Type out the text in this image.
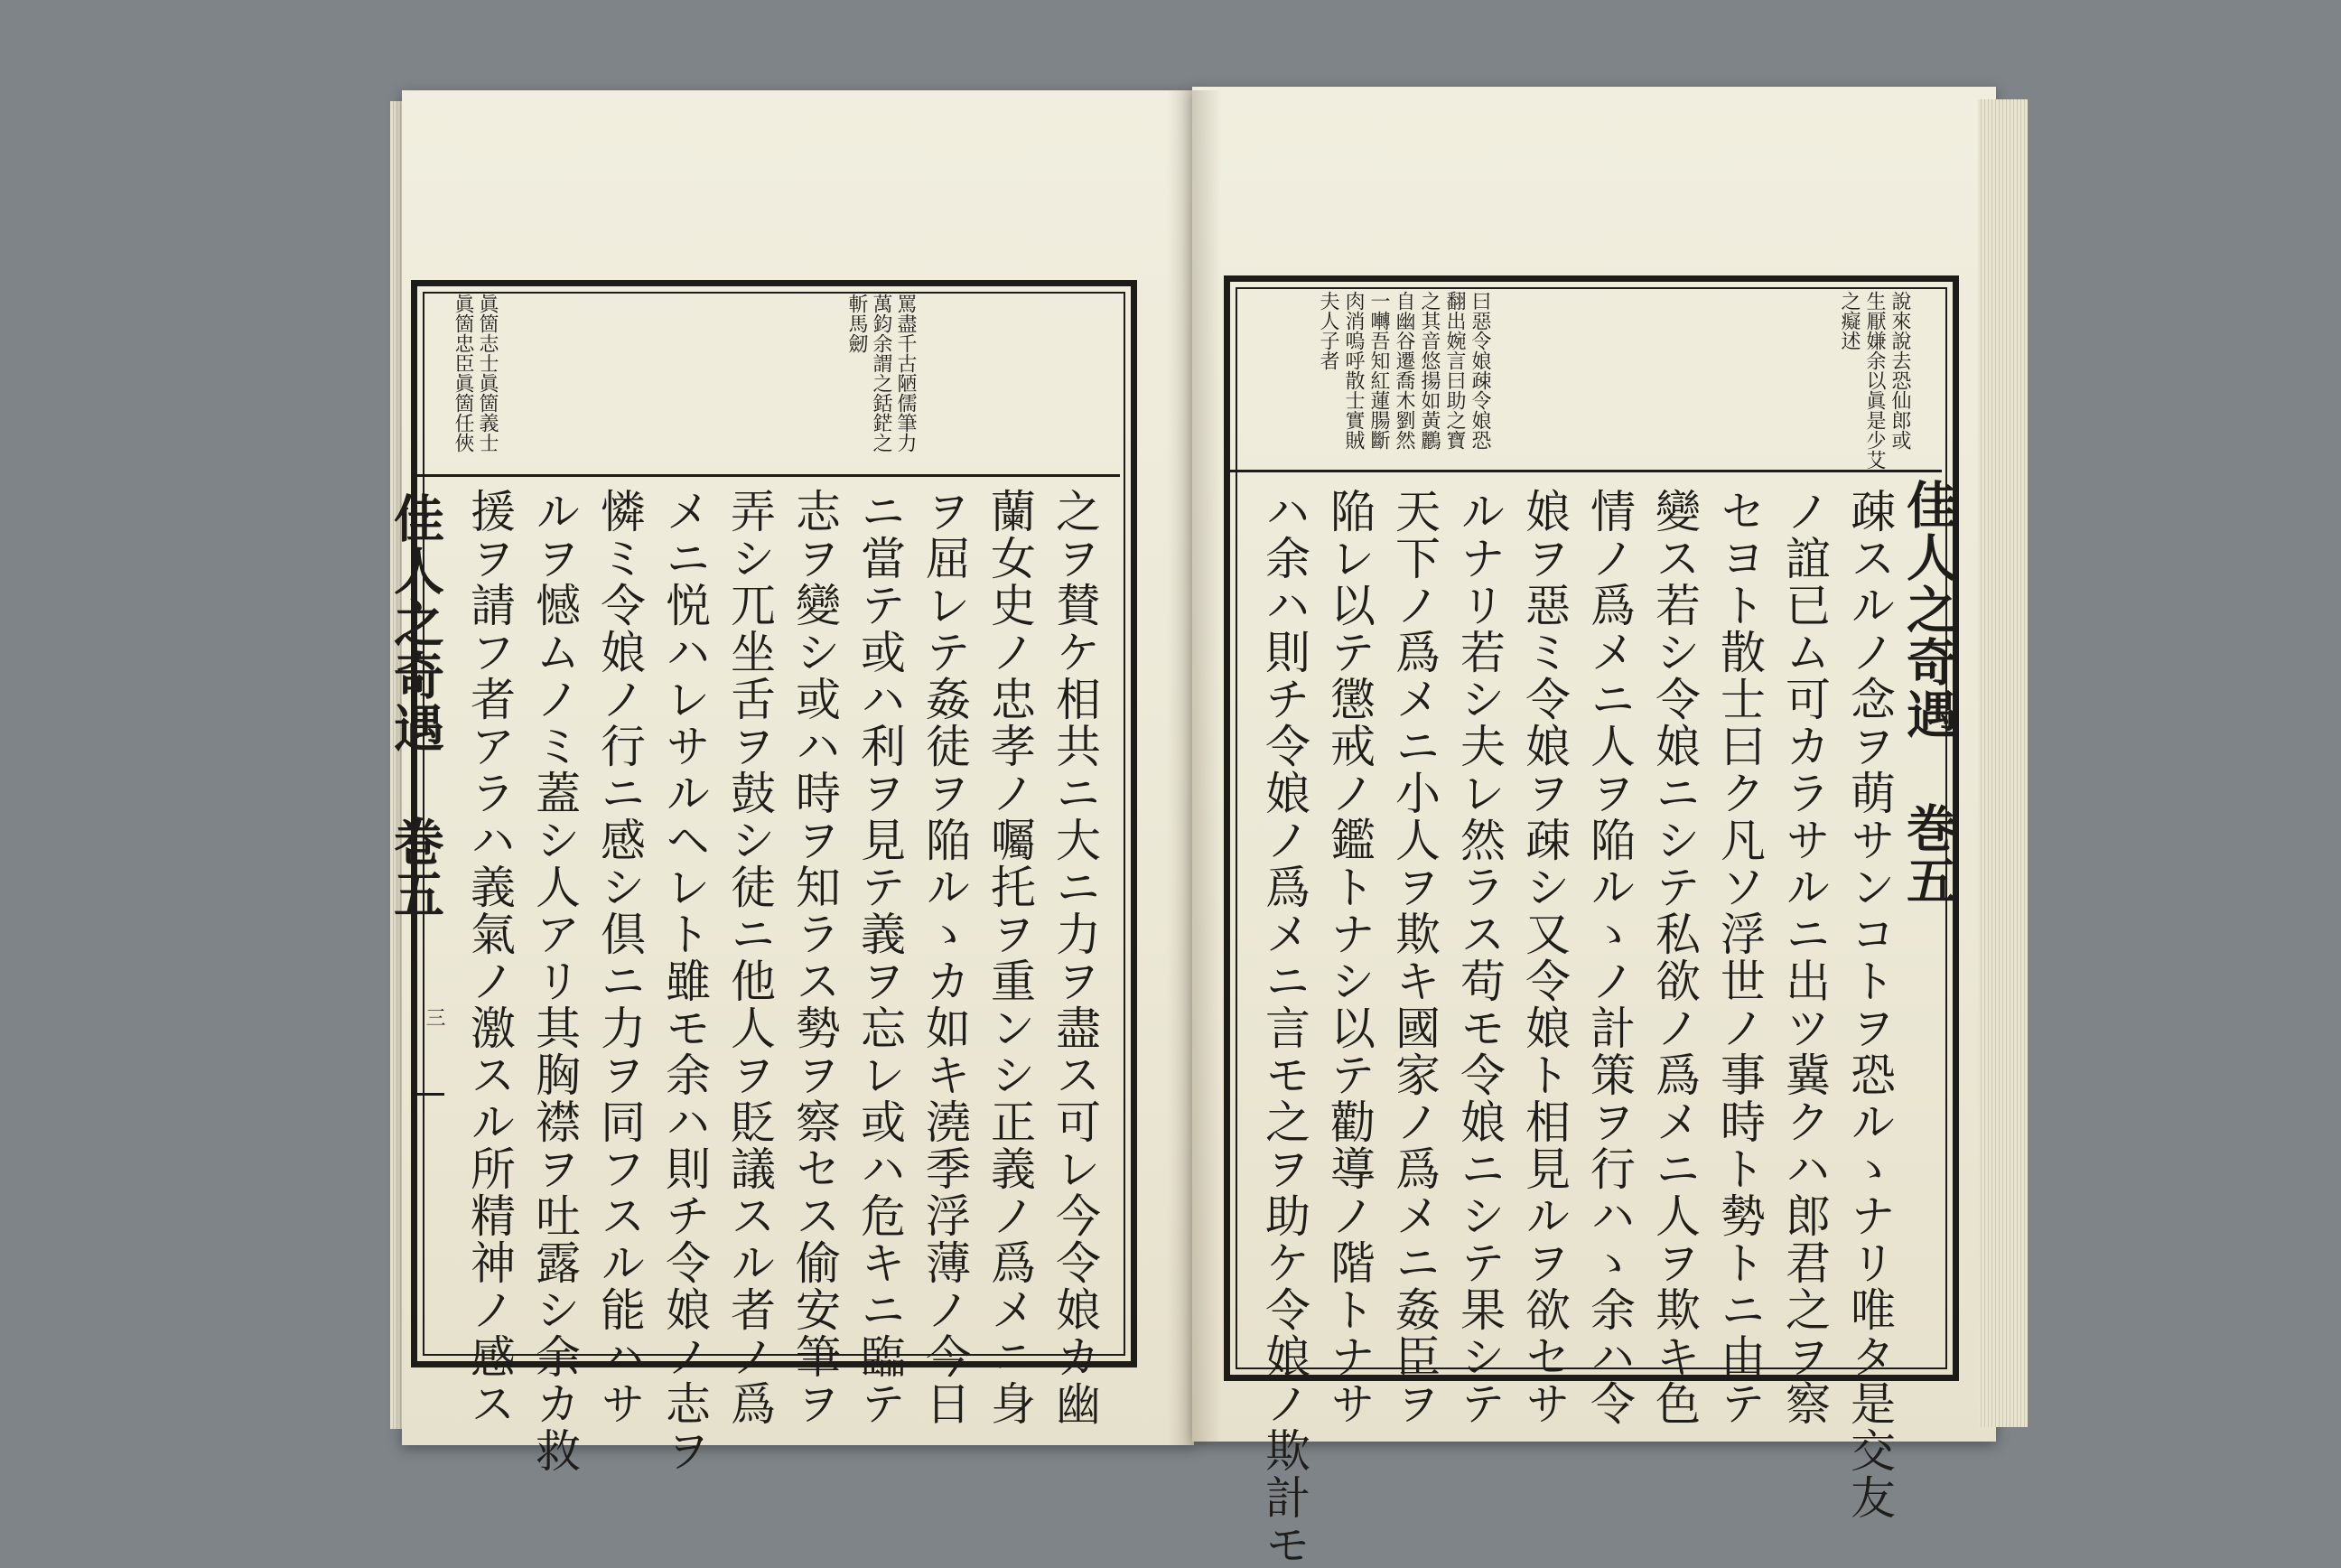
佳人之奇遇 巻五
三
斬馬劒 萬鈞余謂之銛鋩之 罵盡千古陋儒筆力
眞箇忠臣眞箇任俠 眞箇志士眞箇義士
之ヲ賛ケ相共ニ大ニ力ヲ盡ス可レ今令娘カ幽
蘭女史ノ忠孝ノ囑托ヲ重ンシ正義ノ爲メニ身
ヲ屈レテ姦徒ヲ陥ルゝカ如キ澆季浮薄ノ今日
ニ當テ或ハ利ヲ見テ義ヲ忘レ或ハ危キニ臨テ
志ヲ變シ或ハ時ヲ知ラス勢ヲ察セス偷安筆ヲ
弄シ兀坐舌ヲ鼓シ徒ニ他人ヲ貶議スル者ノ爲
メニ悦ハレサルヘレト雖モ余ハ則チ令娘ノ志ヲ
憐ミ令娘ノ行ニ感シ倶ニ力ヲ同フスル能ハサ
ルヲ憾ムノミ蓋シ人アリ其胸襟ヲ吐露シ余カ救
援ヲ請フ者アラハ義氣ノ激スル所精神ノ感ス	佳人之奇遇 巻五
說來說去恐仙郎或
生厭嫌余以眞是少艾
之癡述
曰惡令娘疎令娘恐
翻出婉言曰助之寶
之其音悠揚如黃鸝
自幽谷遷喬木劉然
一囀吾知紅蓮腸斷
肉消嗚呼散士實賊
夫人子者
疎スルノ念ヲ萌サンコトヲ恐ルゝナリ唯タ是交友
ノ誼已ム可カラサルニ出ツ冀クハ郎君之ヲ察
セヨト散士曰ク凡ソ浮世ノ事時ト勢トニ由テ
變ス若シ令娘ニシテ私欲ノ爲メニ人ヲ欺キ色
情ノ爲メニ人ヲ陥ルゝノ計策ヲ行ハゝ余ハ令
娘ヲ惡ミ令娘ヲ疎シ又令娘ト相見ルヲ欲セサ
ルナリ若シ夫レ然ラス苟モ令娘ニシテ果シテ
天下ノ爲メニ小人ヲ欺キ國家ノ爲メニ姦臣ヲ
陥レ以テ懲戒ノ鑑トナシ以テ勸導ノ階トナサ
ハ余ハ則チ令娘ノ爲メニ言モ之ヲ助ケ令娘ノ欺計モ
